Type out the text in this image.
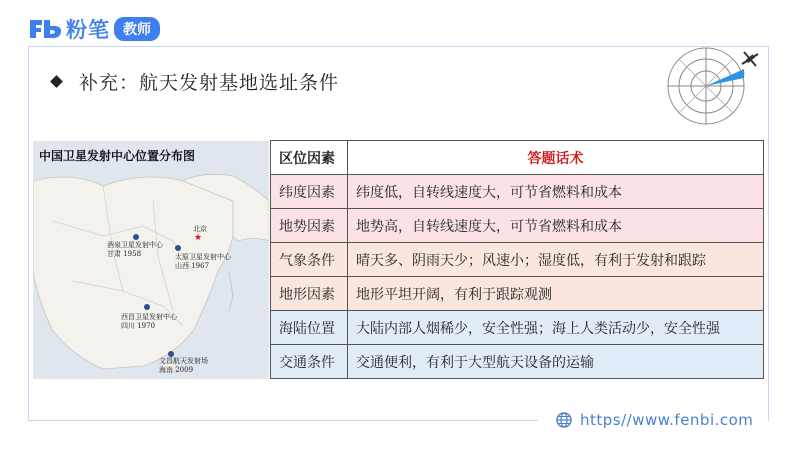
粉笔 教师
补充：航天发射基地选址条件
中国卫星发射中心位置分布图
酒泉卫星发射中心
甘肃 1958	太原卫星发射中心
山西 1967
★
北京
西昌卫星发射中心
四川 1970
文昌航天发射场
海南 2009
区位因素	答题话术
纬度因素	纬度低，自转线速度大，可节省燃料和成本
地势因素	地势高，自转线速度大，可节省燃料和成本
气象条件	晴天多、阴雨天少；风速小；湿度低，有利于发射和跟踪
地形因素	地形平坦开阔，有利于跟踪观测
海陆位置	大陆内部人烟稀少，安全性强；海上人类活动少，安全性强
交通条件	交通便利，有利于大型航天设备的运输
https//www.fenbi.com
